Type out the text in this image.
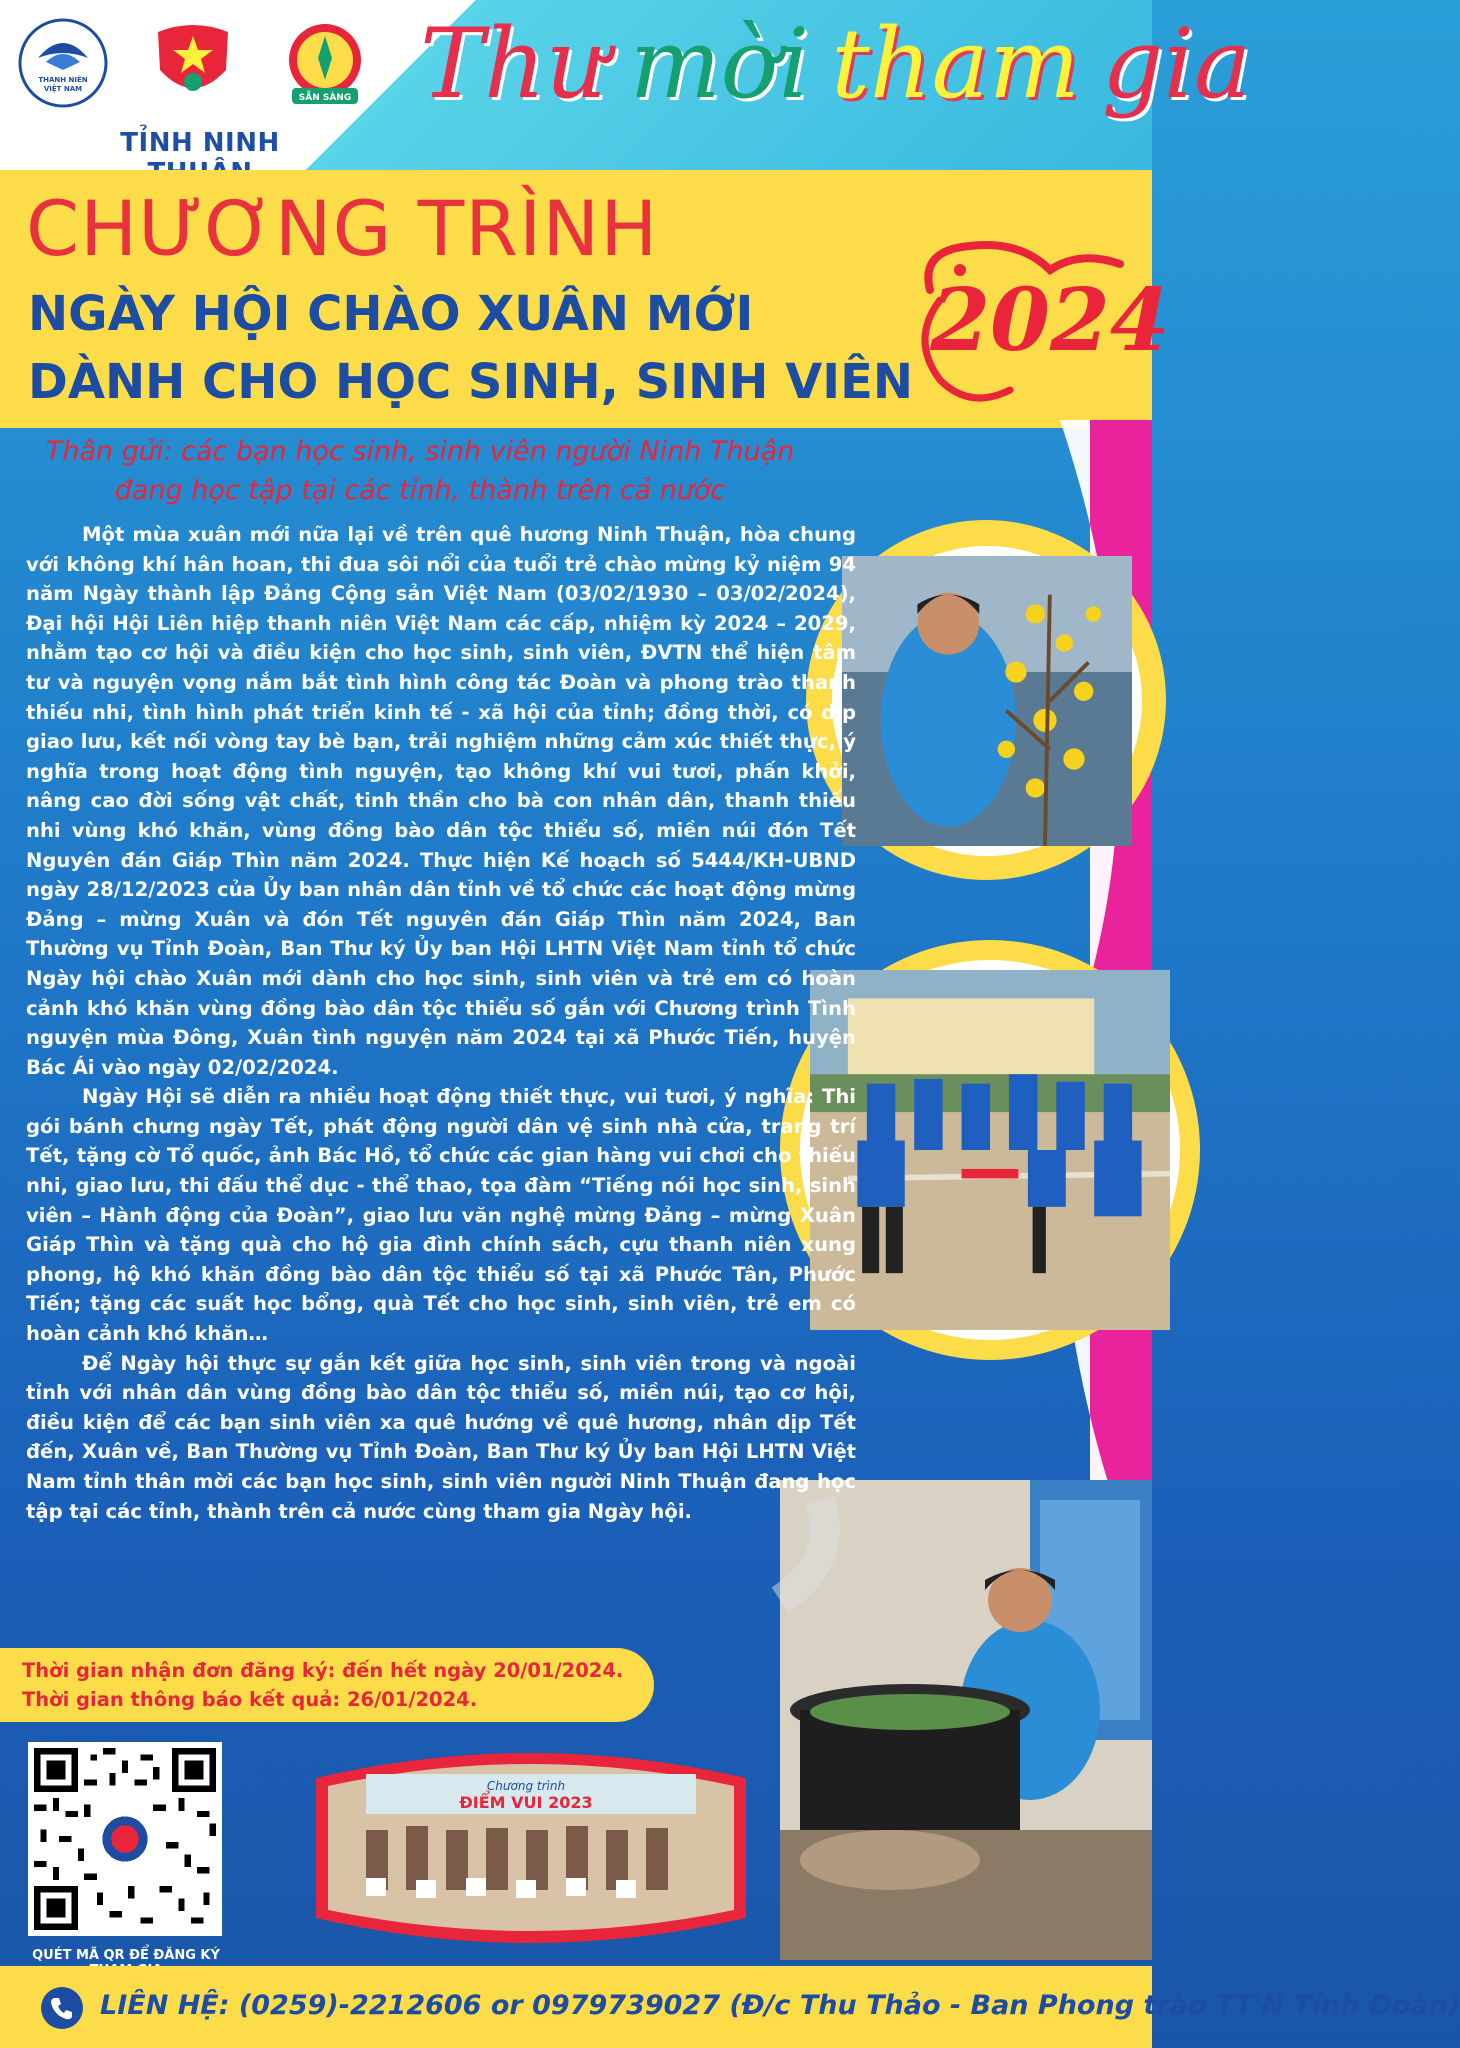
THANH NIÊN
VIỆT NAM
SẴN SÀNG
TỈNH NINH
Thư mời tham gia
CHƯƠNG TRÌNH
NGÀY HỘI CHÀO XUÂN MỚI
DÀNH CHO HỌC SINH, SINH VIÊN
2024
Thân gửi: các bạn học sinh, sinh viên người Ninh Thuận
đang học tập tại các tỉnh, thành trên cả nước

Một mùa xuân mới nữa lại về trên quê hương Ninh Thuận, hòa chung với không khí hân hoan, thi đua sôi nổi của tuổi trẻ chào mừng kỷ niệm 94 năm Ngày thành lập Đảng Cộng sản Việt Nam (03/02/1930 – 03/02/2024), Đại hội Hội Liên hiệp thanh niên Việt Nam các cấp, nhiệm kỳ 2024 – 2029, nhằm tạo cơ hội và điều kiện cho học sinh, sinh viên, ĐVTN thể hiện tâm tư và nguyện vọng nắm bắt tình hình công tác Đoàn và phong trào thanh thiếu nhi, tình hình phát triển kinh tế - xã hội của tỉnh; đồng thời, có dịp giao lưu, kết nối vòng tay bè bạn, trải nghiệm những cảm xúc thiết thực, ý nghĩa trong hoạt động tình nguyện, tạo không khí vui tươi, phấn khởi, nâng cao đời sống vật chất, tinh thần cho bà con nhân dân, thanh thiếu nhi vùng khó khăn, vùng đồng bào dân tộc thiểu số, miền núi đón Tết Nguyên đán Giáp Thìn năm 2024. Thực hiện Kế hoạch số 5444/KH-UBND ngày 28/12/2023 của Ủy ban nhân dân tỉnh về tổ chức các hoạt động mừng Đảng – mừng Xuân và đón Tết nguyên đán Giáp Thìn năm 2024, Ban Thường vụ Tỉnh Đoàn, Ban Thư ký Ủy ban Hội LHTN Việt Nam tỉnh tổ chức Ngày hội chào Xuân mới dành cho học sinh, sinh viên và trẻ em có hoàn cảnh khó khăn vùng đồng bào dân tộc thiểu số gắn với Chương trình Tình nguyện mùa Đông, Xuân tình nguyện năm 2024 tại xã Phước Tiến, huyện Bác Ái vào ngày 02/02/2024.

Ngày Hội sẽ diễn ra nhiều hoạt động thiết thực, vui tươi, ý nghĩa: Thi gói bánh chưng ngày Tết, phát động người dân vệ sinh nhà cửa, trang trí Tết, tặng cờ Tổ quốc, ảnh Bác Hồ, tổ chức các gian hàng vui chơi cho thiếu nhi, giao lưu, thi đấu thể dục - thể thao, tọa đàm “Tiếng nói học sinh, sinh viên – Hành động của Đoàn”, giao lưu văn nghệ mừng Đảng – mừng Xuân Giáp Thìn và tặng quà cho hộ gia đình chính sách, cựu thanh niên xung phong, hộ khó khăn đồng bào dân tộc thiểu số tại xã Phước Tân, Phước Tiến; tặng các suất học bổng, quà Tết cho học sinh, sinh viên, trẻ em có hoàn cảnh khó khăn…

Để Ngày hội thực sự gắn kết giữa học sinh, sinh viên trong và ngoài tỉnh với nhân dân vùng đồng bào dân tộc thiểu số, miền núi, tạo cơ hội, điều kiện để các bạn sinh viên xa quê hướng về quê hương, nhân dịp Tết đến, Xuân về, Ban Thường vụ Tỉnh Đoàn, Ban Thư ký Ủy ban Hội LHTN Việt Nam tỉnh thân mời các bạn học sinh, sinh viên người Ninh Thuận đang học tập tại các tỉnh, thành trên cả nước cùng tham gia Ngày hội.

Thời gian nhận đơn đăng ký: đến hết ngày 20/01/2024.
Thời gian thông báo kết quả: 26/01/2024.
QUÉT MÃ QR ĐỂ ĐĂNG KÝ
Chương trình
ĐIỂM VUI 2023
LIÊN HỆ: (0259)-2212606 or 0979739027 (Đ/c Thu Thảo - Ban Phong trào TT'N Tỉnh Đoàn)
